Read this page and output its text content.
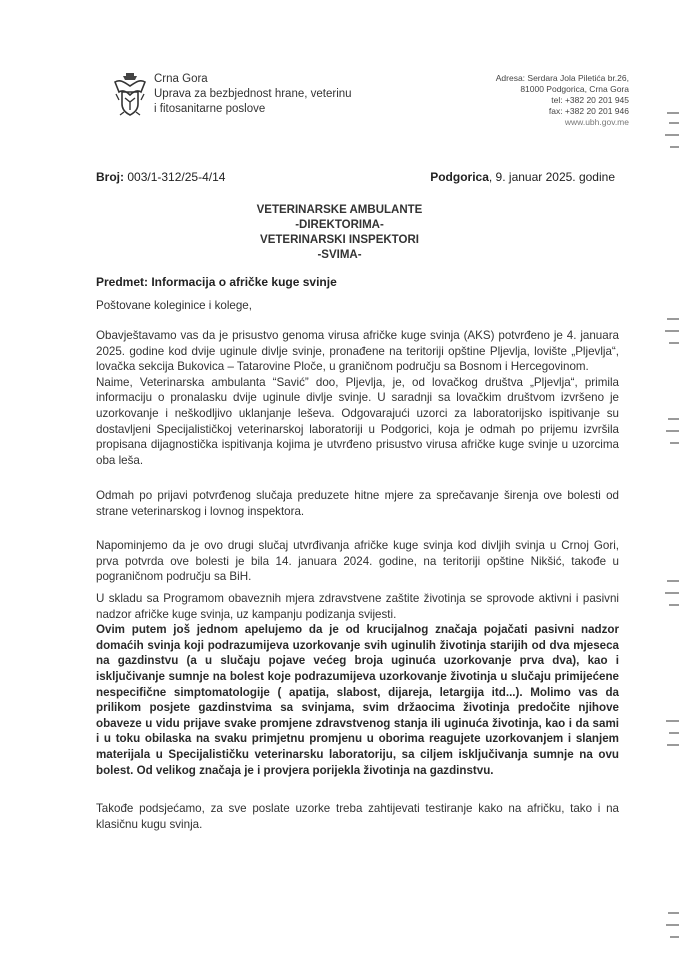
Crna Gora
Uprava za bezbjednost hrane, veterinu
i fitosanitarne poslove
Adresa: Serdara Jola Piletića br.26,
81000 Podgorica, Crna Gora
tel: +382 20 201 945
fax: +382 20 201 946
www.ubh.gov.me
Broj: 003/1-312/25-4/14	Podgorica, 9. januar 2025. godine
VETERINARSKE AMBULANTE
-DIREKTORIMA-
VETERINARSKI INSPEKTORI
-SVIMA-
Predmet: Informacija o afričke kuge svinje

Poštovane koleginice i kolege,

Obavještavamo vas da je prisustvo genoma virusa afričke kuge svinja (AKS) potvrđeno je 4. januara 2025. godine kod dvije uginule divlje svinje, pronađene na teritoriji opštine Pljevlja, lovište „Pljevlja“, lovačka sekcija Bukovica – Tatarovine Ploče, u graničnom području sa Bosnom i Hercegovinom.

Naime, Veterinarska ambulanta “Savić” doo, Pljevlja, je, od lovačkog društva „Pljevlja“, primila informaciju o pronalasku dvije uginule divlje svinje. U saradnji sa lovačkim društvom izvršeno je uzorkovanje i neškodljivo uklanjanje leševa. Odgovarajući uzorci za laboratorijsko ispitivanje su dostavljeni Specijalističkoj veterinarskoj laboratoriji u Podgorici, koja je odmah po prijemu izvršila propisana dijagnostička ispitivanja kojima je utvrđeno prisustvo virusa afričke kuge svinje u uzorcima oba leša.

Odmah po prijavi potvrđenog slučaja preduzete hitne mjere za sprečavanje širenja ove bolesti od strane veterinarskog i lovnog inspektora.

Napominjemo da je ovo drugi slučaj utvrđivanja afričke kuge svinja kod divljih svinja u Crnoj Gori, prva potvrda ove bolesti je bila 14. januara 2024. godine, na teritoriji opštine Nikšić, takođe u pograničnom području sa BiH.

U skladu sa Programom obaveznih mjera zdravstvene zaštite životinja se sprovode aktivni i pasivni nadzor afričke kuge svinja, uz kampanju podizanja svijesti.

Ovim putem još jednom apelujemo da je od krucijalnog značaja pojačati pasivni nadzor domaćih svinja koji podrazumijeva uzorkovanje svih uginulih životinja starijih od dva mjeseca na gazdinstvu (a u slučaju pojave većeg broja uginuća uzorkovanje prva dva), kao i isključivanje sumnje na bolest koje podrazumijeva uzorkovanje životinja u slučaju primijećene nespecifične simptomatologije ( apatija, slabost, dijareja, letargija itd...). Molimo vas da prilikom posjete gazdinstvima sa svinjama, svim držaocima životinja predočite njihove obaveze u vidu prijave svake promjene zdravstvenog stanja ili uginuća životinja, kao i da sami i u toku obilaska na svaku primjetnu promjenu u oborima reagujete uzorkovanjem i slanjem materijala u Specijalističku veterinarsku laboratoriju, sa ciljem isključivanja sumnje na ovu bolest. Od velikog značaja je i provjera porijekla životinja na gazdinstvu.

Takođe podsjećamo, za sve poslate uzorke treba zahtijevati testiranje kako na afričku, tako i na klasičnu kugu svinja.
